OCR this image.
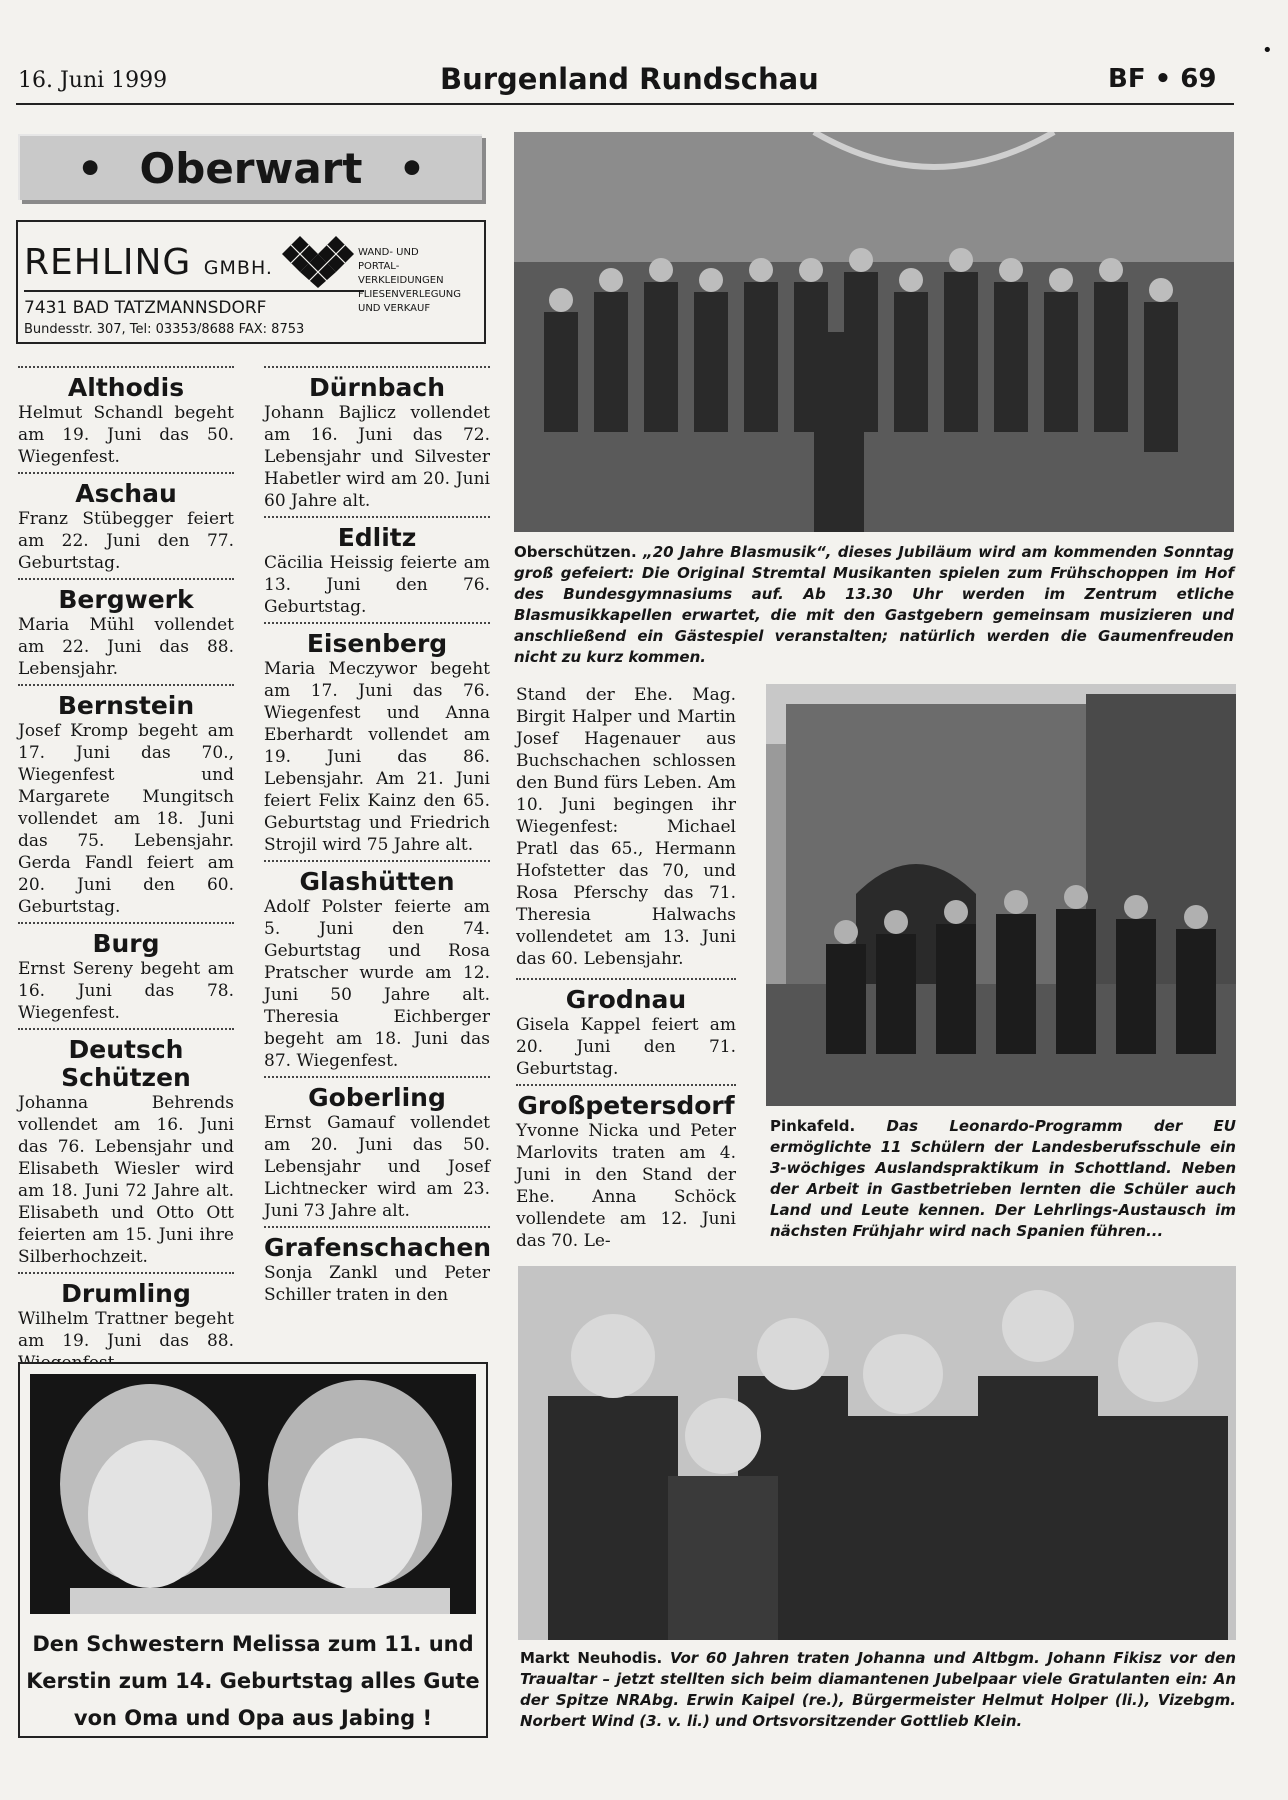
16. Juni 1999	Burgenland Rundschau	BF • 69
•
• Oberwart •
REHLING GMBH.
7431 BAD TATZMANNSDORF
Bundesstr. 307, Tel: 03353/8688 FAX: 8753
WAND- UND
PORTAL-
VERKLEIDUNGEN
FLIESENVERLEGUNG
UND VERKAUF
Althodis

Helmut Schandl begeht am 19. Juni das 50. Wiegenfest.

Aschau

Franz Stübegger feiert am 22. Juni den 77. Geburtstag.

Bergwerk

Maria Mühl vollendet am 22. Juni das 88. Lebensjahr.

Bernstein

Josef Kromp begeht am 17. Juni das 70., Wiegenfest und Margarete Mungitsch vollendet am 18. Juni das 75. Lebensjahr. Gerda Fandl feiert am 20. Juni den 60. Geburtstag.

Burg

Ernst Sereny begeht am 16. Juni das 78. Wiegenfest.

Deutsch Schützen

Johanna Behrends vollendet am 16. Juni das 76. Lebensjahr und Elisabeth Wiesler wird am 18. Juni 72 Jahre alt. Elisabeth und Otto Ott feierten am 15. Juni ihre Silberhochzeit.

Drumling

Wilhelm Trattner begeht am 19. Juni das 88.

Dürnbach

Johann Bajlicz vollendet am 16. Juni das 72. Lebensjahr und Silvester Habetler wird am 20. Juni 60 Jahre alt.

Edlitz

Cäcilia Heissig feierte am 13. Juni den 76. Geburtstag.

Eisenberg

Maria Meczywor begeht am 17. Juni das 76. Wiegenfest und Anna Eberhardt vollendet am 19. Juni das 86. Lebensjahr. Am 21. Juni feiert Felix Kainz den 65. Geburtstag und Friedrich Strojil wird 75 Jahre alt.

Glashütten

Adolf Polster feierte am 5. Juni den 74. Geburtstag und Rosa Pratscher wurde am 12. Juni 50 Jahre alt. Theresia Eichberger begeht am 18. Juni das 87. Wiegenfest.

Goberling

Ernst Gamauf vollendet am 20. Juni das 50. Lebensjahr und Josef Lichtnecker wird am 23. Juni 73 Jahre alt.

Grafenschachen

Sonja Zankl und Peter Schiller traten in den

Oberschützen. „20 Jahre Blasmusik“, dieses Jubiläum wird am kommenden Sonntag groß gefeiert: Die Original Stremtal Musikanten spielen zum Frühschoppen im Hof des Bundesgymnasiums auf. Ab 13.30 Uhr werden im Zentrum etliche Blasmusikkapellen erwartet, die mit den Gastgebern gemeinsam musizieren und anschließend ein Gästespiel veranstalten; natürlich werden die Gaumenfreuden nicht zu kurz kommen.

Stand der Ehe. Mag. Birgit Halper und Martin Josef Hagenauer aus Buchschachen schlossen den Bund fürs Leben. Am 10. Juni begingen ihr Wiegenfest: Michael Pratl das 65., Hermann Hofstetter das 70, und Rosa Pferschy das 71. Theresia Halwachs vollendetet am 13. Juni das 60. Lebensjahr.

Grodnau

Gisela Kappel feiert am 20. Juni den 71. Geburtstag.

Großpetersdorf

Yvonne Nicka und Peter Marlovits traten am 4. Juni in den Stand der Ehe. Anna Schöck vollendete am 12. Juni das 70. Le-

Pinkafeld. Das Leonardo-Programm der EU ermöglichte 11 Schülern der Landesberufsschule ein 3-wöchiges Auslandspraktikum in Schottland. Neben der Arbeit in Gastbetrieben lernten die Schüler auch Land und Leute kennen. Der Lehrlings-Austausch im nächsten Frühjahr wird nach Spanien führen...
Markt Neuhodis. Vor 60 Jahren traten Johanna und Altbgm. Johann Fikisz vor den Traualtar – jetzt stellten sich beim diamantenen Jubelpaar viele Gratulanten ein: An der Spitze NRAbg. Erwin Kaipel (re.), Bürgermeister Helmut Holper (li.), Vizebgm. Norbert Wind (3. v. li.) und Ortsvorsitzender Gottlieb Klein.
Den Schwestern Melissa zum 11. und
Kerstin zum 14. Geburtstag alles Gute
von Oma und Opa aus Jabing !
